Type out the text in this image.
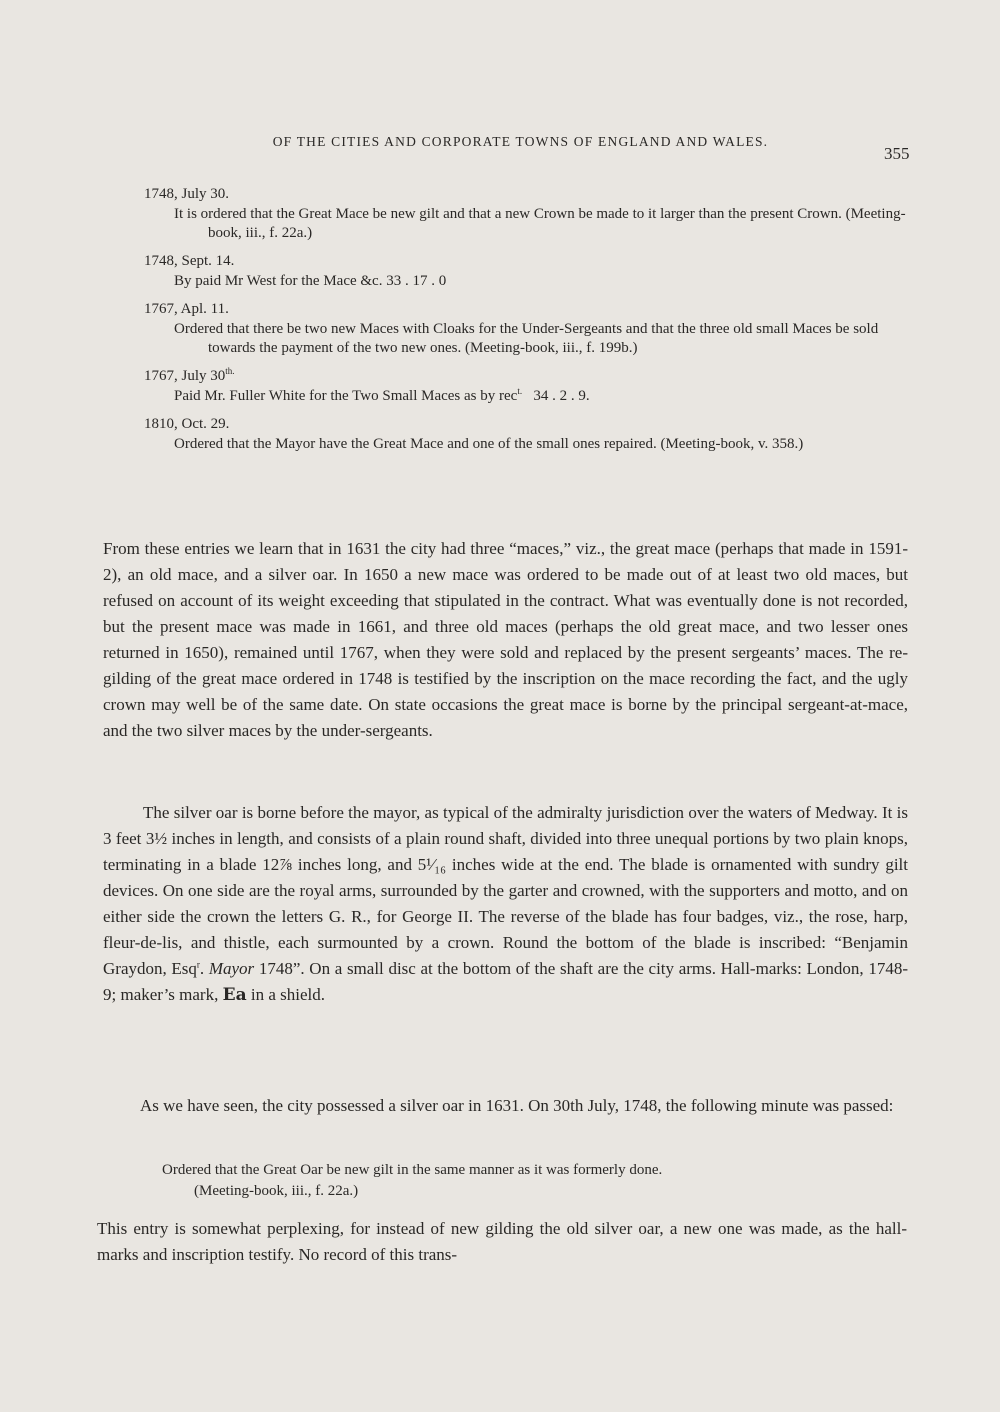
OF THE CITIES AND CORPORATE TOWNS OF ENGLAND AND WALES.
355
1748, July 30.
It is ordered that the Great Mace be new gilt and that a new Crown be made to it larger than the present Crown. (Meeting-book, iii., f. 22a.)
1748, Sept. 14.
By paid Mr West for the Mace &c. 33 . 17 . 0
1767, Apl. 11.
Ordered that there be two new Maces with Cloaks for the Under-Sergeants and that the three old small Maces be sold towards the payment of the two new ones. (Meeting-book, iii., f. 199b.)
1767, July $30^{th.}$
Paid Mr. Fuller White for the Two Small Maces as by rec$^{t.}$ 34 . 2 . 9.
1810, Oct. 29.
Ordered that the Mayor have the Great Mace and one of the small ones repaired. (Meeting-book, v. 358.)
From these entries we learn that in 1631 the city had three “maces,” viz., the great mace (perhaps that made in 1591-2), an old mace, and a silver oar. In 1650 a new mace was ordered to be made out of at least two old maces, but refused on account of its weight exceeding that stipulated in the contract. What was eventually done is not recorded, but the present mace was made in 1661, and three old maces (perhaps the old great mace, and two lesser ones returned in 1650), remained until 1767, when they were sold and replaced by the present sergeants’ maces. The re-gilding of the great mace ordered in 1748 is testified by the inscription on the mace recording the fact, and the ugly crown may well be of the same date. On state occasions the great mace is borne by the principal sergeant-at-mace, and the two silver maces by the under-sergeants.
The silver oar is borne before the mayor, as typical of the admiralty jurisdiction over the waters of Medway. It is 3 feet 3½ inches in length, and consists of a plain round shaft, divided into three unequal portions by two plain knops, terminating in a blade 12⅞ inches long, and 5¹⁄₁₆ inches wide at the end. The blade is ornamented with sundry gilt devices. On one side are the royal arms, surrounded by the garter and crowned, with the supporters and motto, and on either side the crown the letters G. R., for George II. The reverse of the blade has four badges, viz., the rose, harp, fleur-de-lis, and thistle, each surmounted by a crown. Round the bottom of the blade is inscribed: “Benjamin Graydon, Esq$^r$. Mayor 1748”. On a small disc at the bottom of the shaft are the city arms. Hall-marks: London, 1748-9; maker’s mark, Ea in a shield.
As we have seen, the city possessed a silver oar in 1631. On 30th July, 1748, the following minute was passed:
Ordered that the Great Oar be new gilt in the same manner as it was formerly done.
(Meeting-book, iii., f. 22a.)
This entry is somewhat perplexing, for instead of new gilding the old silver oar, a new one was made, as the hall-marks and inscription testify. No record of this trans-
